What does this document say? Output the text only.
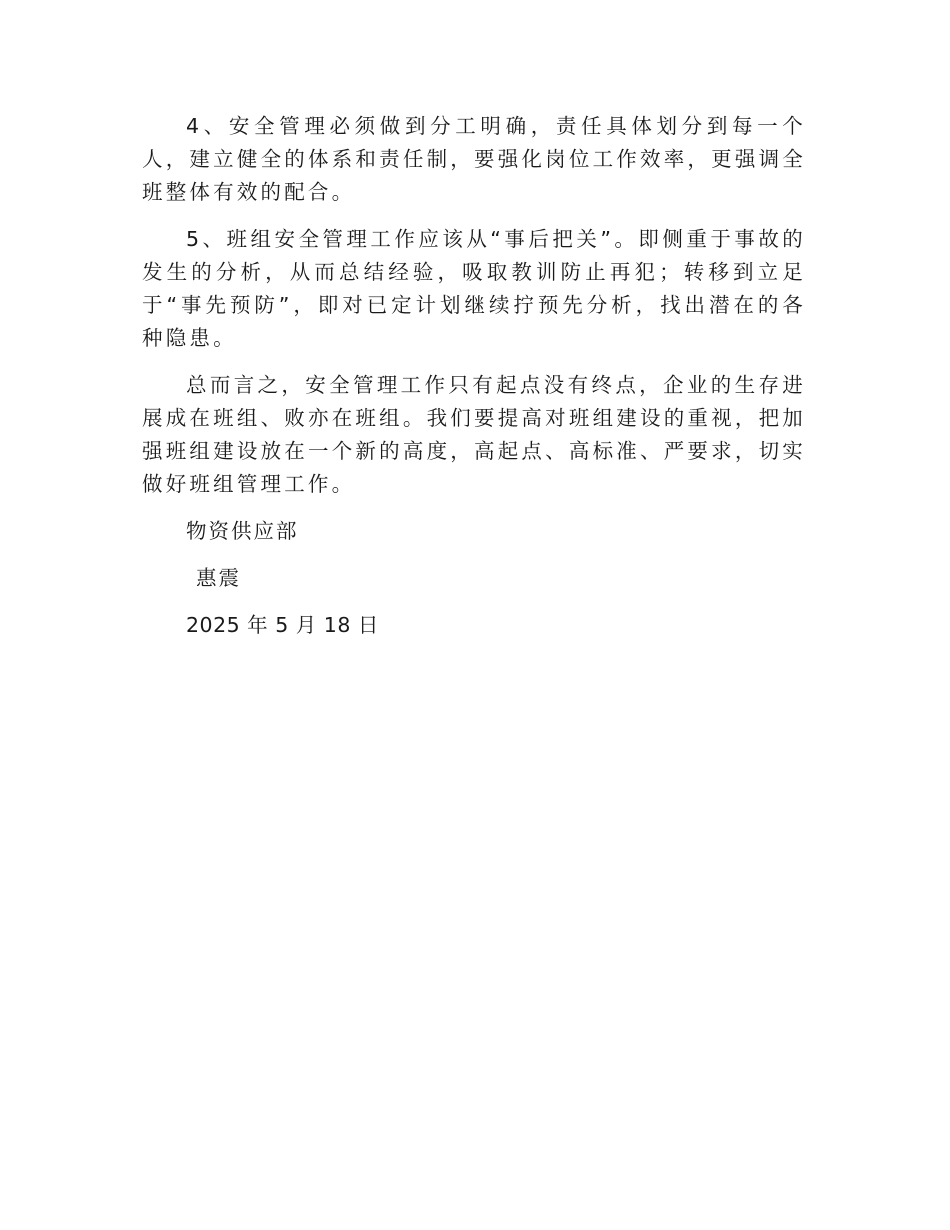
4、安全管理必须做到分工明确，责任具体划分到每一个人，建立健全的体系和责任制，要强化岗位工作效率，更强调全班整体有效的配合。

5、班组安全管理工作应该从“事后把关”。即侧重于事故的发生的分析，从而总结经验，吸取教训防止再犯；转移到立足于“事先预防”，即对已定计划继续拧预先分析，找出潜在的各种隐患。

总而言之，安全管理工作只有起点没有终点，企业的生存进展成在班组、败亦在班组。我们要提高对班组建设的重视，把加强班组建设放在一个新的高度，高起点、高标准、严要求，切实做好班组管理工作。

物资供应部
惠震
2025 年 5 月 18 日
